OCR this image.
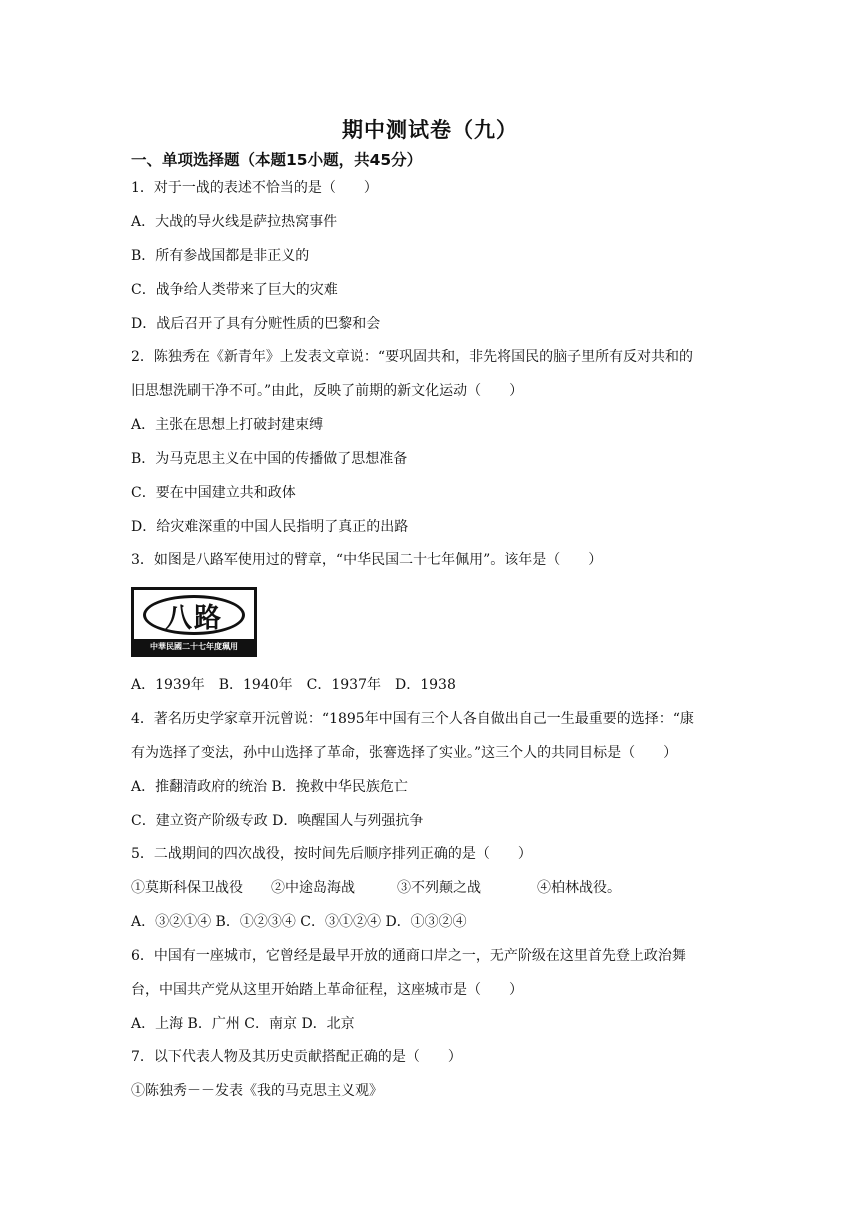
期中测试卷（九）
一、单项选择题（本题15小题，共45分）
1．对于一战的表述不恰当的是（　　）
A．大战的导火线是萨拉热窝事件
B．所有参战国都是非正义的
C．战争给人类带来了巨大的灾难
D．战后召开了具有分赃性质的巴黎和会
2．陈独秀在《新青年》上发表文章说：“要巩固共和，非先将国民的脑子里所有反对共和的
旧思想洗刷干净不可。”由此，反映了前期的新文化运动（　　）
A．主张在思想上打破封建束缚
B．为马克思主义在中国的传播做了思想准备
C．要在中国建立共和政体
D．给灾难深重的中国人民指明了真正的出路
3．如图是八路军使用过的臂章，“中华民国二十七年佩用”。该年是（　　）
八路
中華民國二十七年度珮用
A．1939年　B．1940年　C．1937年　D．1938
4．著名历史学家章开沅曾说：“1895年中国有三个人各自做出自己一生最重要的选择：“康
有为选择了变法，孙中山选择了革命，张謇选择了实业。”这三个人的共同目标是（　　）
A．推翻清政府的统治 B．挽救中华民族危亡
C．建立资产阶级专政 D．唤醒国人与列强抗争
5．二战期间的四次战役，按时间先后顺序排列正确的是（　　）
①莫斯科保卫战役　　②中途岛海战　　　③不列颠之战　　　　④柏林战役。
A．③②①④ B．①②③④ C．③①②④ D．①③②④
6．中国有一座城市，它曾经是最早开放的通商口岸之一，无产阶级在这里首先登上政治舞
台，中国共产党从这里开始踏上革命征程，这座城市是（　　）
A．上海 B．广州 C．南京 D．北京
7．以下代表人物及其历史贡献搭配正确的是（　　）
①陈独秀－－发表《我的马克思主义观》
